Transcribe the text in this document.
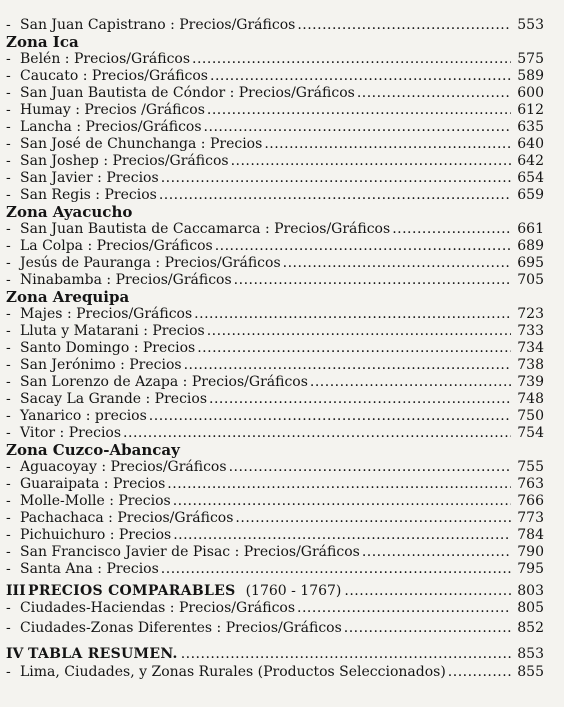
- San Juan Capistrano : Precios/Gráficos .....	553
Zona Ica
- Belén : Precios/Gráficos .....	575
- Caucato : Precios/Gráficos .....	589
- San Juan Bautista de Cóndor : Precios/Gráficos .....	600
- Humay : Precios /Gráficos .....	612
- Lancha : Precios/Gráficos .....	635
- San José de Chunchanga : Precios .....	640
- San Joshep : Precios/Gráficos .....	642
- San Javier : Precios .....	654
- San Regis : Precios .....	659
Zona Ayacucho
- San Juan Bautista de Caccamarca : Precios/Gráficos .....	661
- La Colpa : Precios/Gráficos .....	689
- Jesús de Pauranga : Precios/Gráficos .....	695
- Ninabamba : Precios/Gráficos .....	705
Zona Arequipa
- Majes : Precios/Gráficos .....	723
- Lluta y Matarani : Precios .....	733
- Santo Domingo : Precios .....	734
- San Jerónimo : Precios .....	738
- San Lorenzo de Azapa : Precios/Gráficos .....	739
- Sacay La Grande : Precios .....	748
- Yanarico : precios .....	750
- Vitor : Precios .....	754
Zona Cuzco-Abancay
- Aguacoyay : Precios/Gráficos .....	755
- Guaraipata : Precios .....	763
- Molle-Molle : Precios .....	766
- Pachachaca : Precios/Gráficos .....	773
- Pichuichuro : Precios .....	784
- San Francisco Javier de Pisac : Precios/Gráficos .....	790
- Santa Ana : Precios .....	795
III PRECIOS COMPARABLES (1760 - 1767) .....	803
- Ciudades-Haciendas : Precios/Gráficos .....	805
- Ciudades-Zonas Diferentes : Precios/Gráficos .....	852
IV TABLA RESUMEN. .....	853
- Lima, Ciudades, y Zonas Rurales (Productos Seleccionados) .....	855
